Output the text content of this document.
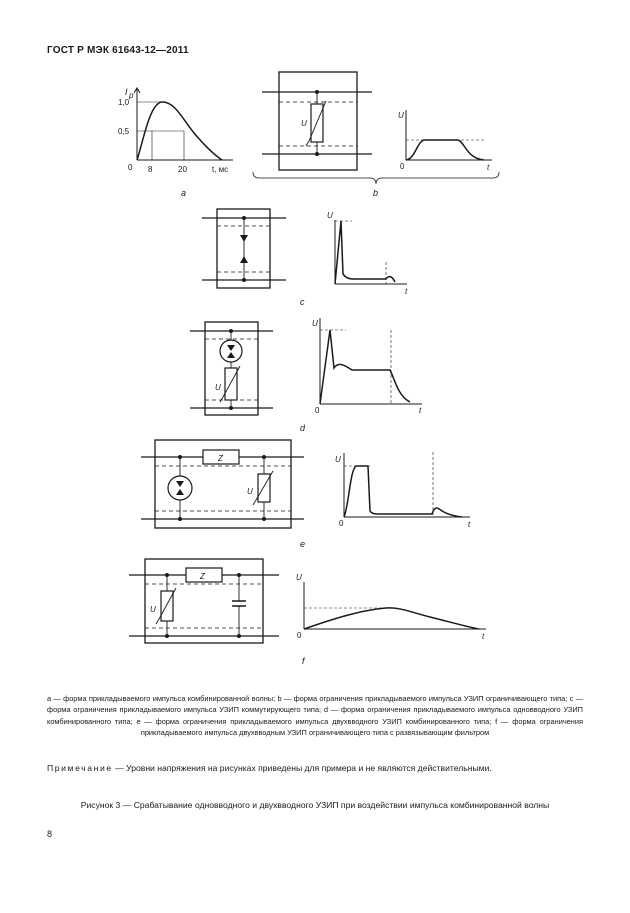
ГОСТ Р МЭК 61643-12—2011
I p
1,0
0,5
0 8	20	t, мс
a
U
U
t
0
b
U
t
c
U
U
t
0
d
Z
U
U
t
0
e
Z
U
U
t
0
f
a — форма прикладываемого импульса комбинированной волны; b — форма ограничения прикладываемого импульса УЗИП ограничивающего типа; c — форма ограничения прикладываемого импульса УЗИП коммутирующего типа; d — форма ограничения прикладываемого импульса одновводного УЗИП комбинированного типа; e — форма ограничения прикладываемого импульса двухвводного УЗИП комбинированного типа; f — форма ограничения прикладываемого импульса двухвводным УЗИП ограничивающего типа с развязывающим фильтром
Примечание — Уровни напряжения на рисунках приведены для примера и не являются действительными.
Рисунок 3 — Срабатывание одновводного и двухвводного УЗИП при воздействии импульса комбинированной волны
8
